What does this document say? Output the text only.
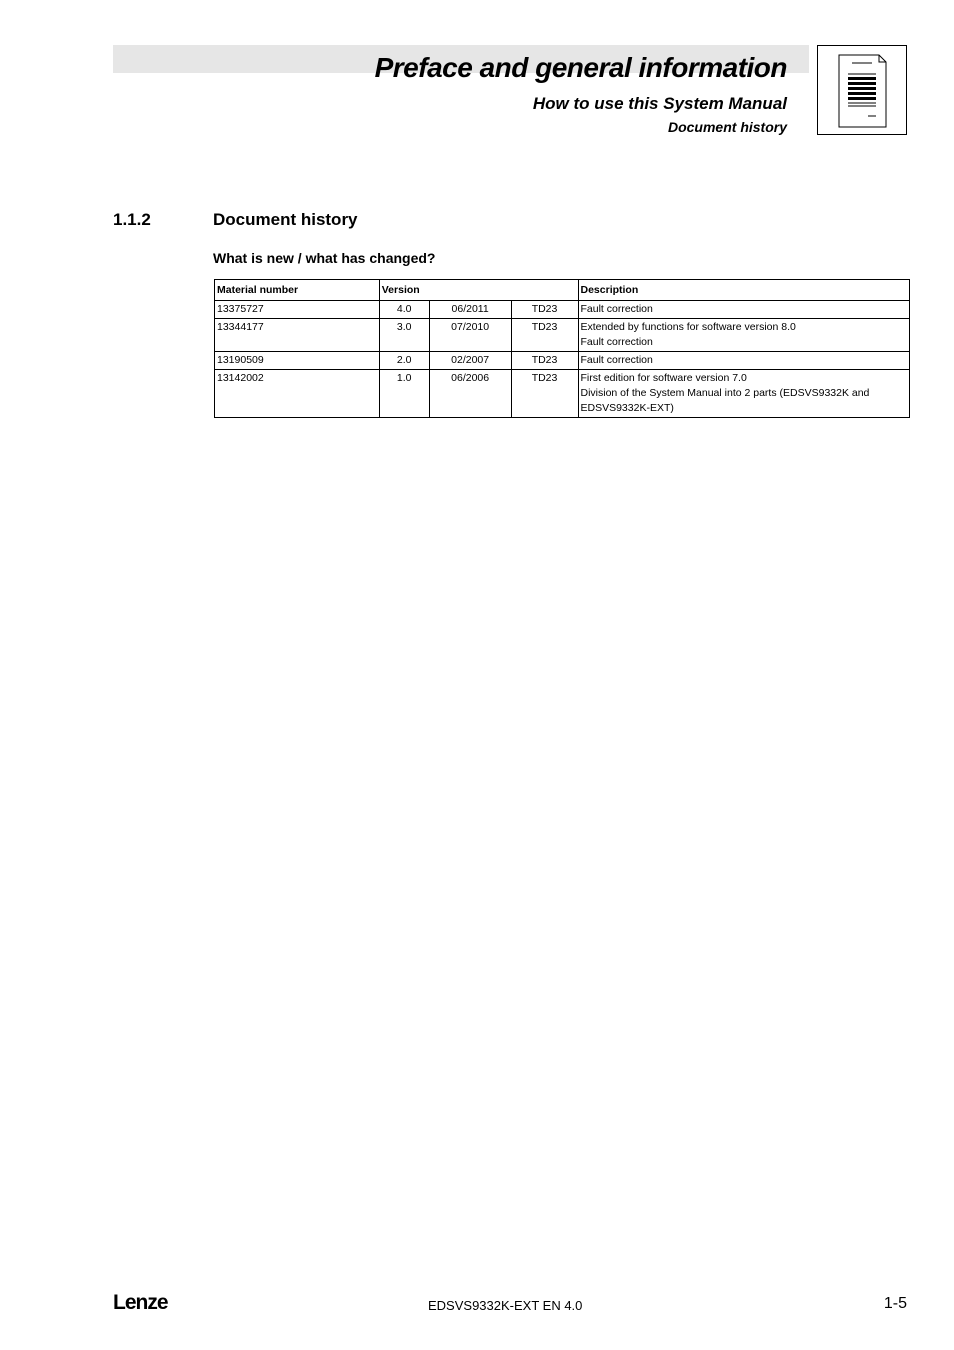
Preface and general information
How to use this System Manual
Document history
1.1.2	Document history
What is new / what has changed?
Material number	Version			Description
13375727	4.0	06/2011	TD23	Fault correction

13344177	3.0	07/2010	TD23	Extended by functions for software version 8.0
Fault correction

13190509	2.0	02/2007	TD23	Fault correction

13142002	1.0	06/2006	TD23	First edition for software version 7.0
Division of the System Manual into 2 parts (EDSVS9332K and
EDSVS9332K-EXT)
Lenze	EDSVS9332K-EXT EN 4.0	1-5
